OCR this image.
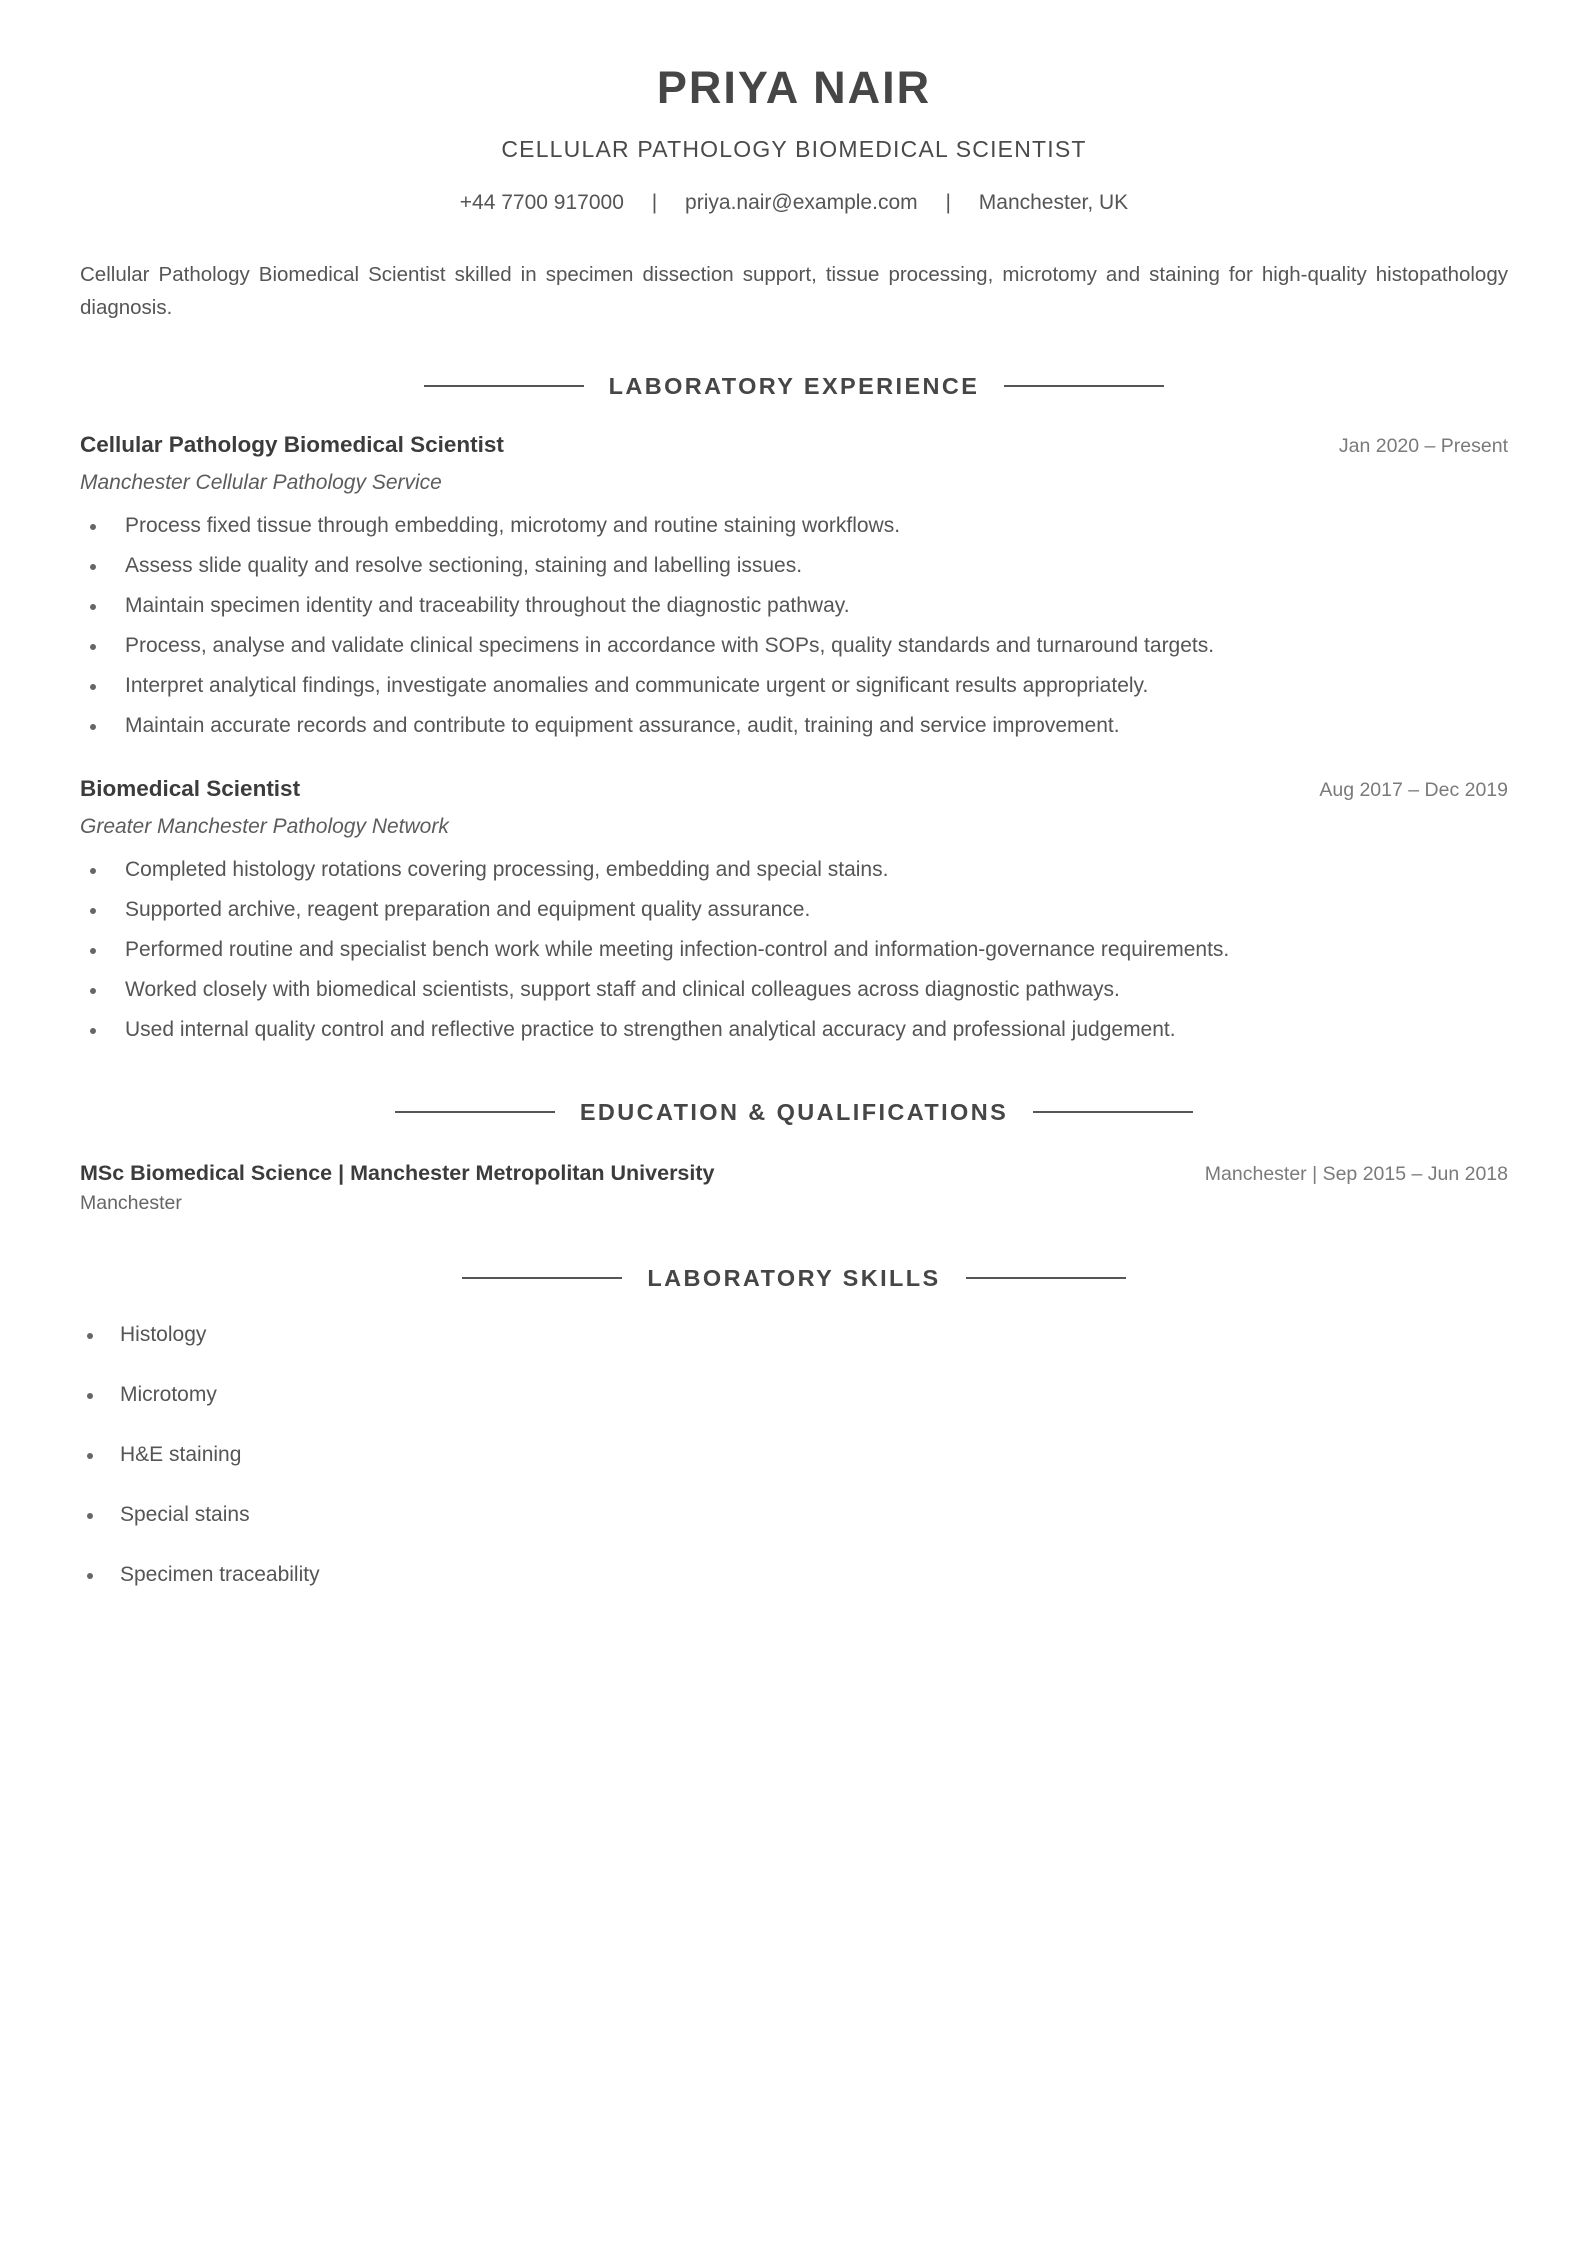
PRIYA NAIR
CELLULAR PATHOLOGY BIOMEDICAL SCIENTIST
+44 7700 917000 | priya.nair@example.com | Manchester, UK
Cellular Pathology Biomedical Scientist skilled in specimen dissection support, tissue processing, microtomy and staining for high-quality histopathology diagnosis.
LABORATORY EXPERIENCE
Cellular Pathology Biomedical Scientist	Jan 2020 – Present
Manchester Cellular Pathology Service
Process fixed tissue through embedding, microtomy and routine staining workflows.
Assess slide quality and resolve sectioning, staining and labelling issues.
Maintain specimen identity and traceability throughout the diagnostic pathway.
Process, analyse and validate clinical specimens in accordance with SOPs, quality standards and turnaround targets.
Interpret analytical findings, investigate anomalies and communicate urgent or significant results appropriately.
Maintain accurate records and contribute to equipment assurance, audit, training and service improvement.
Biomedical Scientist	Aug 2017 – Dec 2019
Greater Manchester Pathology Network
Completed histology rotations covering processing, embedding and special stains.
Supported archive, reagent preparation and equipment quality assurance.
Performed routine and specialist bench work while meeting infection-control and information-governance requirements.
Worked closely with biomedical scientists, support staff and clinical colleagues across diagnostic pathways.
Used internal quality control and reflective practice to strengthen analytical accuracy and professional judgement.
EDUCATION & QUALIFICATIONS
MSc Biomedical Science | Manchester Metropolitan University	Manchester | Sep 2015 – Jun 2018
Manchester
LABORATORY SKILLS
Histology
Microtomy
H&E staining
Special stains
Specimen traceability
